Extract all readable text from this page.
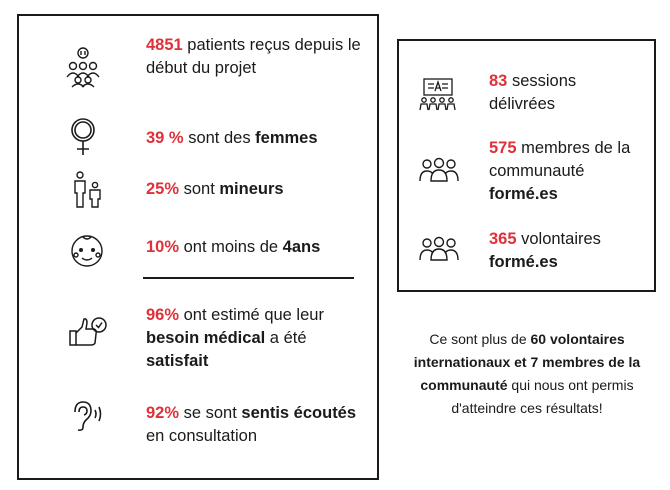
4851 patients reçus depuis le début du projet
39 % sont des femmes
25% sont mineurs
10% ont moins de 4ans
96% ont estimé que leur besoin médical a été satisfait
92% se sont sentis écoutés en consultation
83 sessions délivrées
575 membres de la communauté formé.es
365 volontaires formé.es
Ce sont plus de 60 volontaires internationaux et 7 membres de la communauté qui nous ont permis d'atteindre ces résultats!
